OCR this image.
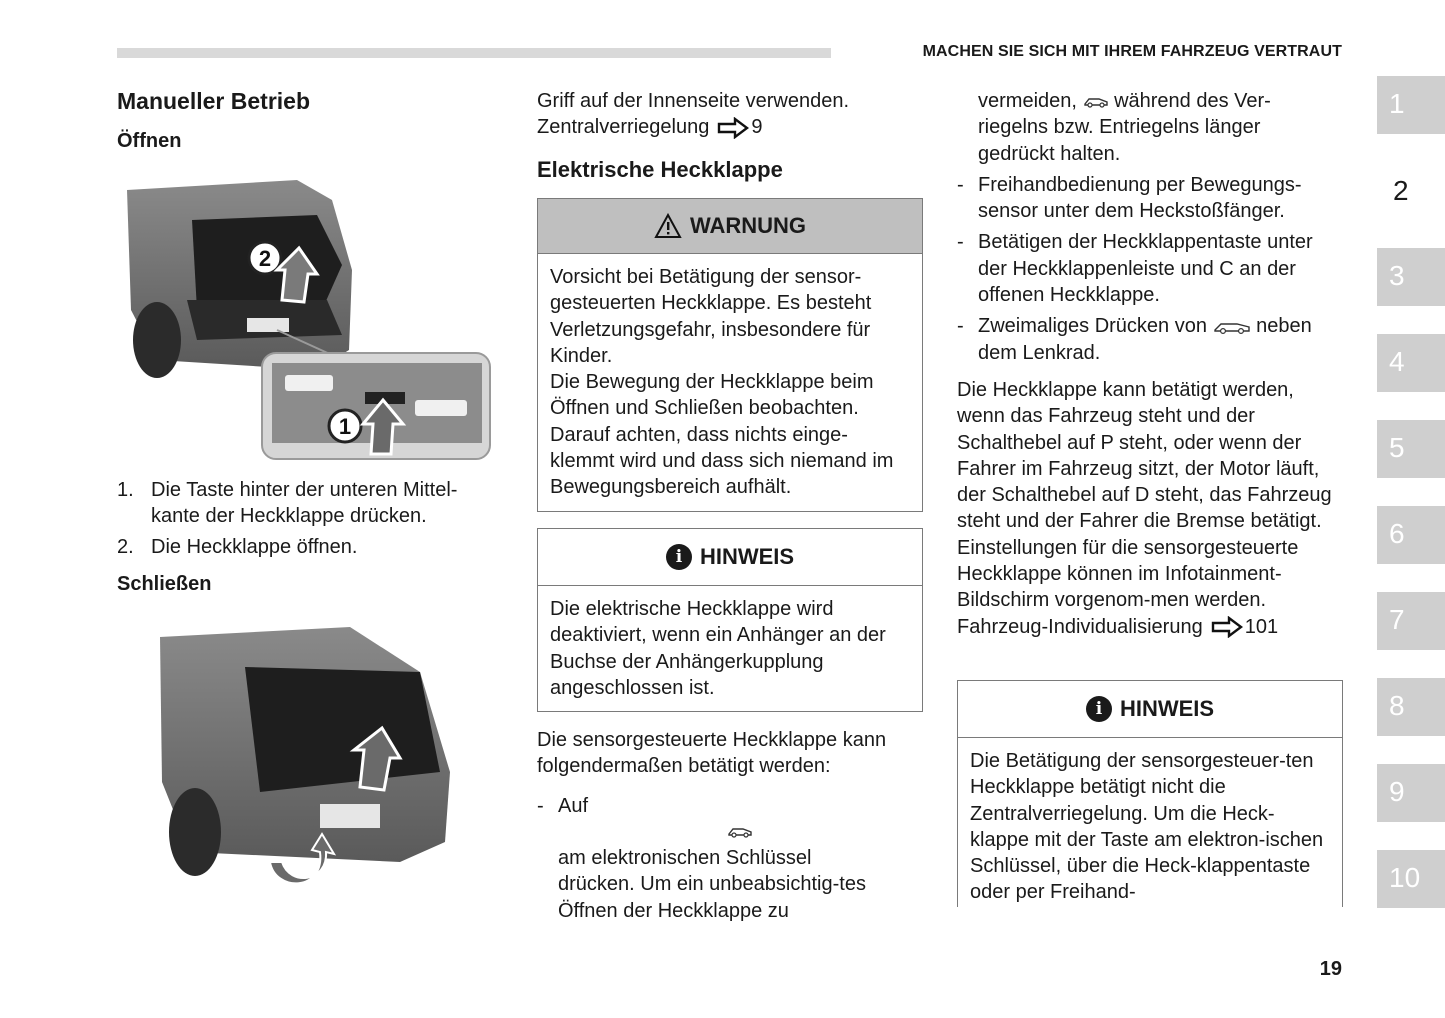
MACHEN SIE SICH MIT IHREM FAHRZEUG VERTRAUT
1
2
3
4
5
6
7
8
9
10
Manueller Betrieb
Öffnen
2
1

1. Die Taste hinter der unteren Mittel-kante der Heckklappe drücken.

2. Die Heckklappe öffnen.

Schließen

Griff auf der Innenseite verwenden.

Zentralverriegelung 9

Elektrische Heckklappe
WARNUNG

Vorsicht bei Betätigung der sensor-gesteuerten Heckklappe. Es besteht Verletzungsgefahr, insbesondere für Kinder.

Die Bewegung der Heckklappe beim Öffnen und Schließen beobachten. Darauf achten, dass nichts einge-klemmt wird und dass sich niemand im Bewegungsbereich aufhält.

i HINWEIS

Die elektrische Heckklappe wird deaktiviert, wenn ein Anhänger an der Buchse der Anhängerkupplung angeschlossen ist.

Die sensorgesteuerte Heckklappe kann folgendermaßen betätigt werden:

- Auf

am elektronischen Schlüssel drücken. Um ein unbeabsichtig-tes Öffnen der Heckklappe zu
vermeiden, während des Ver- riegelns bzw. Entriegelns länger gedrückt halten.

- Freihandbedienung per Bewegungs-sensor unter dem Heckstoßfänger.

- Betätigen der Heckklappentaste unter der Heckklappenleiste und C an der offenen Heckklappe.

- Zweimaliges Drücken von neben dem Lenkrad.

Die Heckklappe kann betätigt werden, wenn das Fahrzeug steht und der Schalthebel auf P steht, oder wenn der Fahrer im Fahrzeug sitzt, der Motor läuft, der Schalthebel auf D steht, das Fahrzeug steht und der Fahrer die Bremse betätigt. Einstellungen für die sensorgesteuerte Heckklappe können im Infotainment-Bildschirm vorgenom-men werden.

Fahrzeug-Individualisierung 101

i HINWEIS

Die Betätigung der sensorgesteuer-ten Heckklappe betätigt nicht die Zentralverriegelung. Um die Heck-klappe mit der Taste am elektron-ischen Schlüssel, über die Heck-klappentaste oder per Freihand-

19
